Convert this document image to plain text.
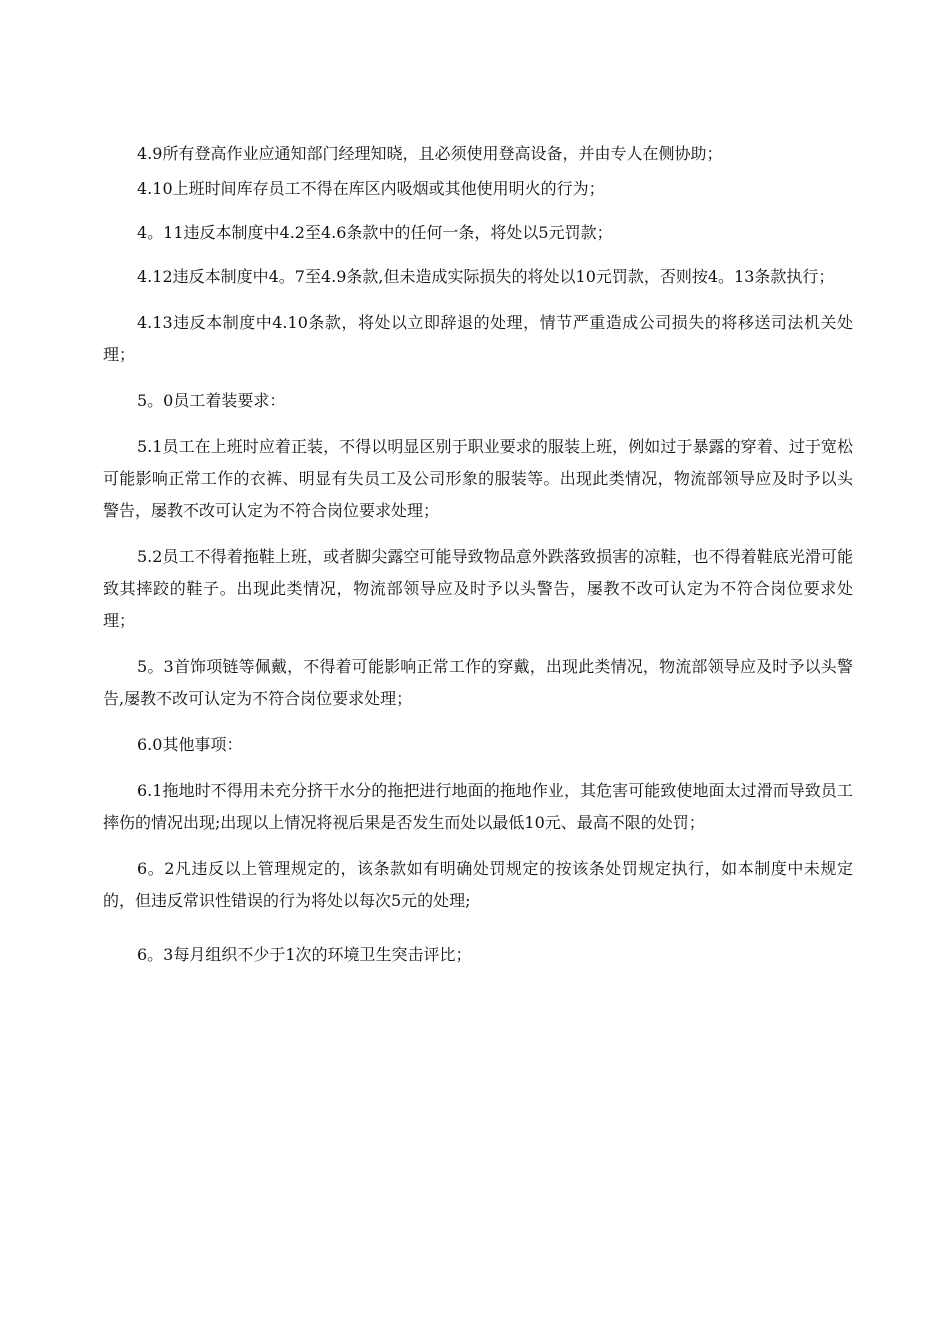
4.9所有登高作业应通知部门经理知晓，且必须使用登高设备，并由专人在侧协助；

4.10上班时间库存员工不得在库区内吸烟或其他使用明火的行为；

4。11违反本制度中4.2至4.6条款中的任何一条，将处以5元罚款；

4.12违反本制度中4。7至4.9条款,但未造成实际损失的将处以10元罚款，否则按4。13条款执行；

4.13违反本制度中4.10条款，将处以立即辞退的处理，情节严重造成公司损失的将移送司法机关处理；

5。0员工着装要求：

5.1员工在上班时应着正装，不得以明显区别于职业要求的服装上班，例如过于暴露的穿着、过于宽松可能影响正常工作的衣裤、明显有失员工及公司形象的服装等。出现此类情况，物流部领导应及时予以头警告，屡教不改可认定为不符合岗位要求处理；

5.2员工不得着拖鞋上班，或者脚尖露空可能导致物品意外跌落致损害的凉鞋，也不得着鞋底光滑可能致其摔跤的鞋子。出现此类情况，物流部领导应及时予以头警告，屡教不改可认定为不符合岗位要求处理；

5。3首饰项链等佩戴，不得着可能影响正常工作的穿戴，出现此类情况，物流部领导应及时予以头警告,屡教不改可认定为不符合岗位要求处理；

6.0其他事项：

6.1拖地时不得用未充分挤干水分的拖把进行地面的拖地作业，其危害可能致使地面太过滑而导致员工摔伤的情况出现;出现以上情况将视后果是否发生而处以最低10元、最高不限的处罚；

6。2凡违反以上管理规定的，该条款如有明确处罚规定的按该条处罚规定执行，如本制度中未规定的，但违反常识性错误的行为将处以每次5元的处理;

6。3每月组织不少于1次的环境卫生突击评比；
